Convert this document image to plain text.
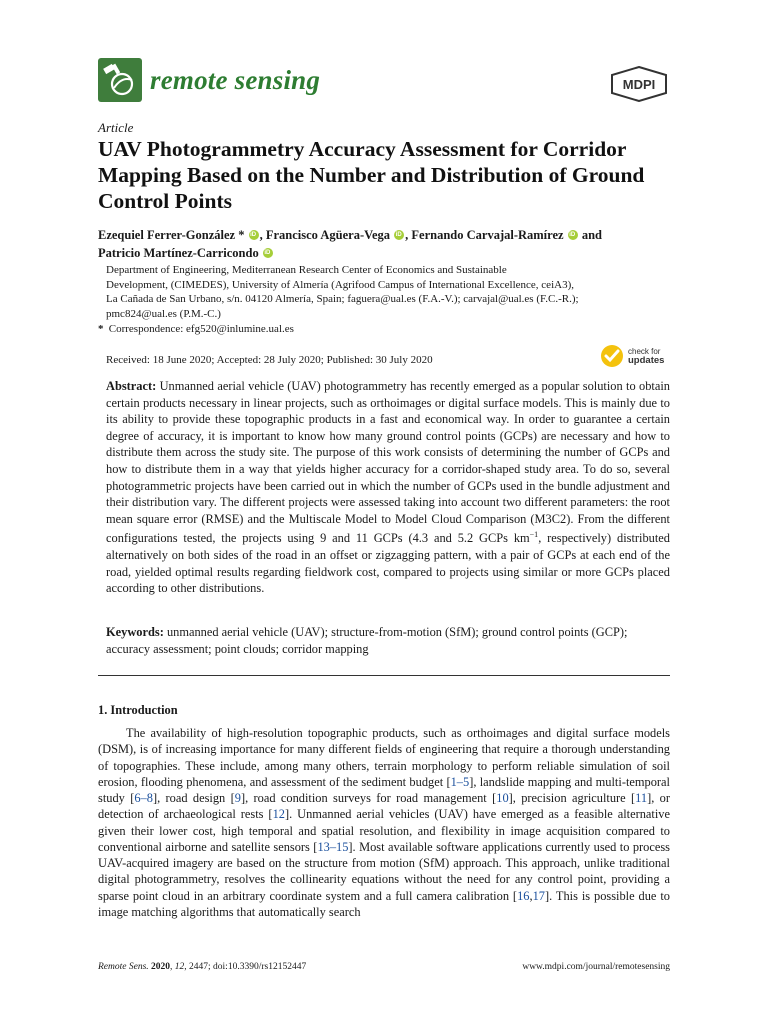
remote sensing	MDPI
Article
UAV Photogrammetry Accuracy Assessment for Corridor Mapping Based on the Number and Distribution of Ground Control Points
Ezequiel Ferrer-González * iD , Francisco Agüera-Vega iD , Fernando Carvajal-Ramírez iD and
Patricio Martínez-Carricondo iD
Department of Engineering, Mediterranean Research Center of Economics and Sustainable
Development, (CIMEDES), University of Almería (Agrifood Campus of International Excellence, ceiA3),
La Cañada de San Urbano, s/n. 04120 Almería, Spain; faguera@ual.es (F.A.-V.); carvajal@ual.es (F.C.-R.);
pmc824@ual.es (P.M.-C.)
* Correspondence: efg520@inlumine.ual.es
Received: 18 June 2020; Accepted: 28 July 2020; Published: 30 July 2020
check for
updates

Abstract: Unmanned aerial vehicle (UAV) photogrammetry has recently emerged as a popular solution to obtain certain products necessary in linear projects, such as orthoimages or digital surface models. This is mainly due to its ability to provide these topographic products in a fast and economical way. In order to guarantee a certain degree of accuracy, it is important to know how many ground control points (GCPs) are necessary and how to distribute them across the study site. The purpose of this work consists of determining the number of GCPs and how to distribute them in a way that yields higher accuracy for a corridor-shaped study area. To do so, several photogrammetric projects have been carried out in which the number of GCPs used in the bundle adjustment and their distribution vary. The different projects were assessed taking into account two different parameters: the root mean square error (RMSE) and the Multiscale Model to Model Cloud Comparison (M3C2). From the different configurations tested, the projects using 9 and 11 GCPs (4.3 and 5.2 GCPs $km^{-1}$, respectively) distributed alternatively on both sides of the road in an offset or zigzagging pattern, with a pair of GCPs at each end of the road, yielded optimal results regarding fieldwork cost, compared to projects using similar or more GCPs placed according to other distributions.

Keywords: unmanned aerial vehicle (UAV); structure-from-motion (SfM); ground control points (GCP); accuracy assessment; point clouds; corridor mapping

1. Introduction

The availability of high-resolution topographic products, such as orthoimages and digital surface models (DSM), is of increasing importance for many different fields of engineering that require a thorough understanding of topographies. These include, among many others, terrain morphology to perform reliable simulation of soil erosion, flooding phenomena, and assessment of the sediment budget [1–5], landslide mapping and multi-temporal study [6–8], road design [9], road condition surveys for road management [10], precision agriculture [11], or detection of archaeological rests [12]. Unmanned aerial vehicles (UAV) have emerged as a feasible alternative given their lower cost, high temporal and spatial resolution, and flexibility in image acquisition compared to conventional airborne and satellite sensors [13–15]. Most available software applications currently used to process UAV-acquired imagery are based on the structure from motion (SfM) approach. This approach, unlike traditional digital photogrammetry, resolves the collinearity equations without the need for any control point, providing a sparse point cloud in an arbitrary coordinate system and a full camera calibration [16,17]. This is possible due to image matching algorithms that automatically search

Remote Sens. 2020, 12, 2447; doi:10.3390/rs12152447	www.mdpi.com/journal/remotesensing
